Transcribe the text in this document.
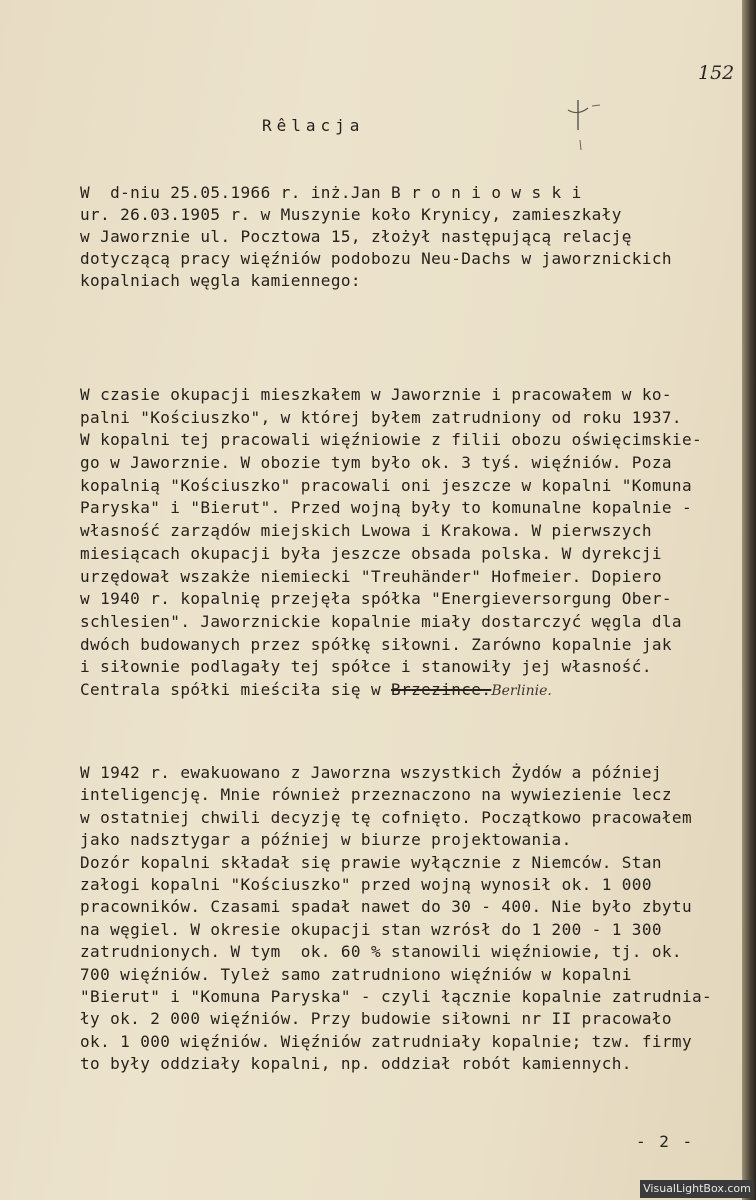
152
Rêlacja
W  d-niu 25.05.1966 r. inż.Jan B r o n i o w s k i
ur. 26.03.1905 r. w Muszynie koło Krynicy, zamieszkały
w Jaworznie ul. Pocztowa 15, złożył następującą relację
dotyczącą pracy więźniów podobozu Neu-Dachs w jaworznickich
kopalniach węgla kamiennego:
W czasie okupacji mieszkałem w Jaworznie i pracowałem w ko-
palni "Kościuszko", w której byłem zatrudniony od roku 1937.
W kopalni tej pracowali więźniowie z filii obozu oświęcimskie-
go w Jaworznie. W obozie tym było ok. 3 tyś. więźniów. Poza
kopalnią "Kościuszko" pracowali oni jeszcze w kopalni "Komuna
Paryska" i "Bierut". Przed wojną były to komunalne kopalnie -
własność zarządów miejskich Lwowa i Krakowa. W pierwszych
miesiącach okupacji była jeszcze obsada polska. W dyrekcji
urzędował wszakże niemiecki "Treuhänder" Hofmeier. Dopiero
w 1940 r. kopalnię przejęła spółka "Energieversorgung Ober-
schlesien". Jaworznickie kopalnie miały dostarczyć węgla dla
dwóch budowanych przez spółkę siłowni. Zarówno kopalnie jak
i siłownie podlagały tej spółce i stanowiły jej własność.
Centrala spółki mieściła się w Brzezince.Berlinie.
W 1942 r. ewakuowano z Jaworzna wszystkich Żydów a później
inteligencję. Mnie również przeznaczono na wywiezienie lecz
w ostatniej chwili decyzję tę cofnięto. Początkowo pracowałem
jako nadsztygar a później w biurze projektowania.
Dozór kopalni składał się prawie wyłącznie z Niemców. Stan
załogi kopalni "Kościuszko" przed wojną wynosił ok. 1 000
pracowników. Czasami spadał nawet do 30 - 400. Nie było zbytu
na węgiel. W okresie okupacji stan wzrósł do 1 200 - 1 300
zatrudnionych. W tym  ok. 60 % stanowili więźniowie, tj. ok.
700 więźniów. Tyleż samo zatrudniono więźniów w kopalni
"Bierut" i "Komuna Paryska" - czyli łącznie kopalnie zatrudnia-
ły ok. 2 000 więźniów. Przy budowie siłowni nr II pracowało
ok. 1 000 więźniów. Więźniów zatrudniały kopalnie; tzw. firmy
to były oddziały kopalni, np. oddział robót kamiennych.
- 2 -
VisualLightBox.com
